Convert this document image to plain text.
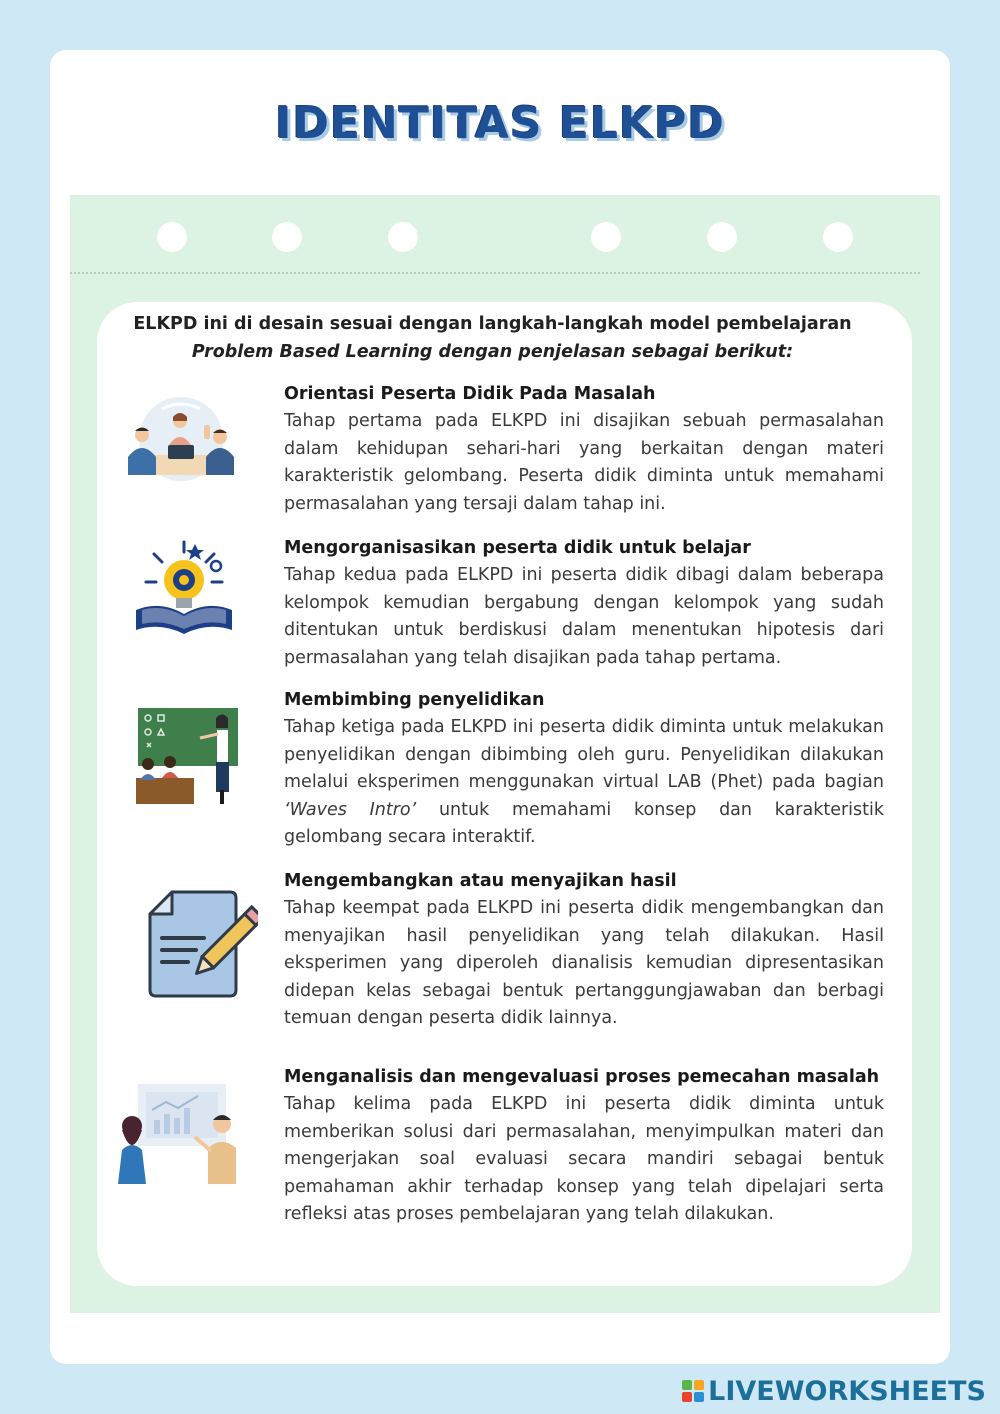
IDENTITAS ELKPD
ELKPD ini di desain sesuai dengan langkah-langkah model pembelajaran Problem Based Learning dengan penjelasan sebagai berikut:
Orientasi Peserta Didik Pada Masalah

Tahap pertama pada ELKPD ini disajikan sebuah permasalahan dalam kehidupan sehari-hari yang berkaitan dengan materi karakteristik gelombang. Peserta didik diminta untuk memahami permasalahan yang tersaji dalam tahap ini.

Mengorganisasikan peserta didik untuk belajar

Tahap kedua pada ELKPD ini peserta didik dibagi dalam beberapa kelompok kemudian bergabung dengan kelompok yang sudah ditentukan untuk berdiskusi dalam menentukan hipotesis dari permasalahan yang telah disajikan pada tahap pertama.

Membimbing penyelidikan

Tahap ketiga pada ELKPD ini peserta didik diminta untuk melakukan penyelidikan dengan dibimbing oleh guru. Penyelidikan dilakukan melalui eksperimen menggunakan virtual LAB (Phet) pada bagian ‘Waves Intro’ untuk memahami konsep dan karakteristik gelombang secara interaktif.

Mengembangkan atau menyajikan hasil

Tahap keempat pada ELKPD ini peserta didik mengembangkan dan menyajikan hasil penyelidikan yang telah dilakukan. Hasil eksperimen yang diperoleh dianalisis kemudian dipresentasikan didepan kelas sebagai bentuk pertanggungjawaban dan berbagi temuan dengan peserta didik lainnya.

Menganalisis dan mengevaluasi proses pemecahan masalah

Tahap kelima pada ELKPD ini peserta didik diminta untuk memberikan solusi dari permasalahan, menyimpulkan materi dan mengerjakan soal evaluasi secara mandiri sebagai bentuk pemahaman akhir terhadap konsep yang telah dipelajari serta refleksi atas proses pembelajaran yang telah dilakukan.

LIVEWORKSHEETS
